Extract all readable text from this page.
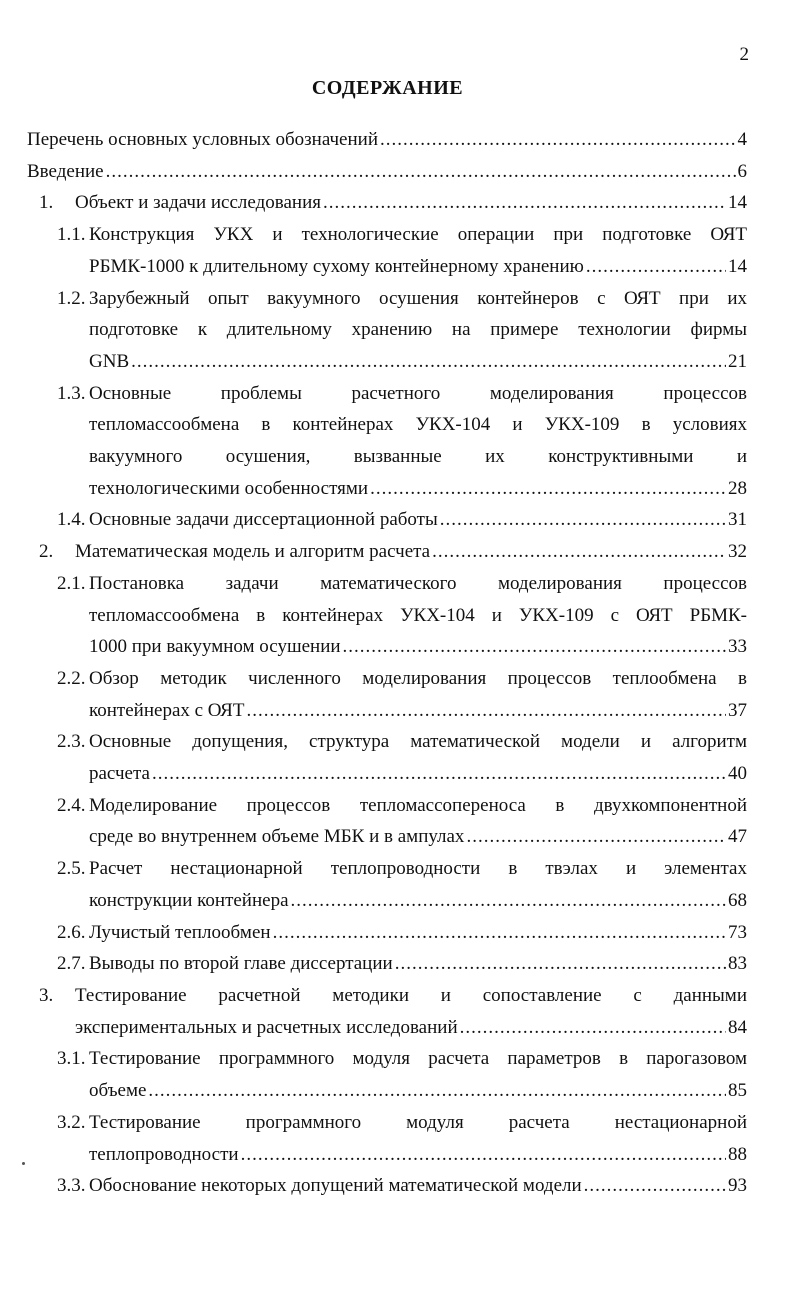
2
СОДЕРЖАНИЕ
Перечень основных условных обозначений .....	4
Введение .....	6
1.	Объект и задачи исследования .....	14
1.1. Конструкция УКХ и технологические операции при подготовке ОЯТ
РБМК-1000 к длительному сухому контейнерному хранению .....	14
1.2. Зарубежный опыт вакуумного осушения контейнеров с ОЯТ при их
подготовке к длительному хранению на примере технологии фирмы
GNB .....	21
1.3. Основные проблемы расчетного моделирования процессов
тепломассообмена в контейнерах УКХ-104 и УКХ-109 в условиях
вакуумного осушения, вызванные их конструктивными и
технологическими особенностями .....	28
1.4. Основные задачи диссертационной работы .....	31
2.	Математическая модель и алгоритм расчета .....	32
2.1. Постановка задачи математического моделирования процессов
тепломассообмена в контейнерах УКХ-104 и УКХ-109 с ОЯТ РБМК-
1000 при вакуумном осушении .....	33
2.2. Обзор методик численного моделирования процессов теплообмена в
контейнерах с ОЯТ .....	37
2.3. Основные допущения, структура математической модели и алгоритм
расчета .....	40
2.4. Моделирование процессов тепломассопереноса в двухкомпонентной
среде во внутреннем объеме МБК и в ампулах .....	47
2.5. Расчет нестационарной теплопроводности в твэлах и элементах
конструкции контейнера .....	68
2.6. Лучистый теплообмен .....	73
2.7. Выводы по второй главе диссертации .....	83
3.	Тестирование расчетной методики и сопоставление с данными
экспериментальных и расчетных исследований .....	84
3.1. Тестирование программного модуля расчета параметров в парогазовом
объеме .....	85
3.2. Тестирование программного модуля расчета нестационарной
теплопроводности .....	88
3.3. Обоснование некоторых допущений математической модели .....	93
